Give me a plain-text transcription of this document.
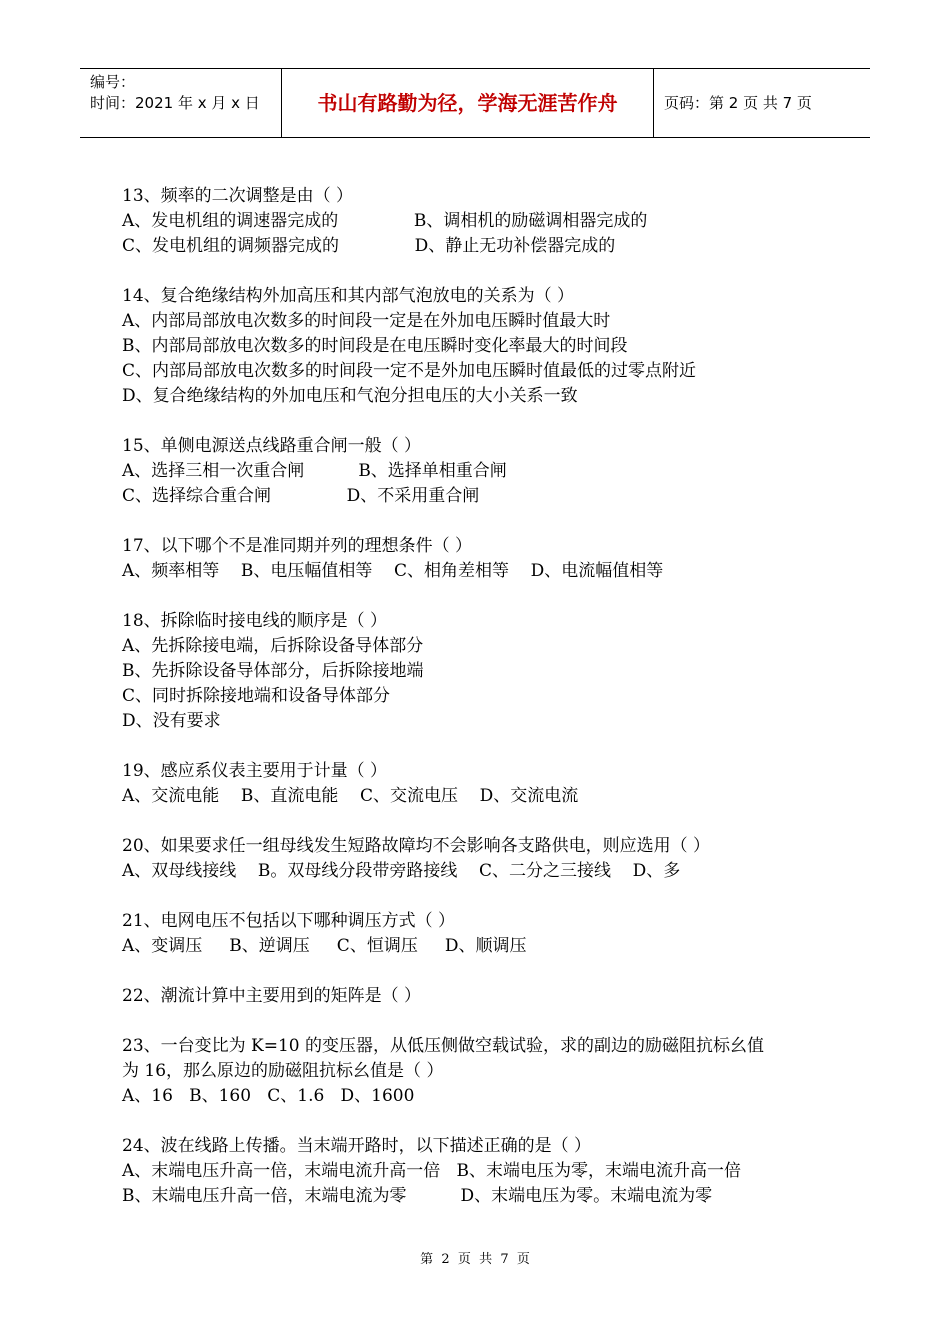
编号：
时间：2021 年 x 月 x 日	书山有路勤为径，学海无涯苦作舟	页码：第 2 页 共 7 页
13、频率的二次调整是由（ ）
A、发电机组的调速器完成的              B、调相机的励磁调相器完成的
C、发电机组的调频器完成的              D、静止无功补偿器完成的
14、复合绝缘结构外加高压和其内部气泡放电的关系为（ ）
A、内部局部放电次数多的时间段一定是在外加电压瞬时值最大时
B、内部局部放电次数多的时间段是在电压瞬时变化率最大的时间段
C、内部局部放电次数多的时间段一定不是外加电压瞬时值最低的过零点附近
D、复合绝缘结构的外加电压和气泡分担电压的大小关系一致
15、单侧电源送点线路重合闸一般（ ）
A、选择三相一次重合闸          B、选择单相重合闸
C、选择综合重合闸              D、不采用重合闸
17、以下哪个不是准同期并列的理想条件（ ）
A、频率相等    B、电压幅值相等    C、相角差相等    D、电流幅值相等
18、拆除临时接电线的顺序是（ ）
A、先拆除接电端，后拆除设备导体部分
B、先拆除设备导体部分，后拆除接地端
C、同时拆除接地端和设备导体部分
D、没有要求
19、感应系仪表主要用于计量（ ）
A、交流电能    B、直流电能    C、交流电压    D、交流电流
20、如果要求任一组母线发生短路故障均不会影响各支路供电，则应选用（ ）
A、双母线接线    B。双母线分段带旁路接线    C、二分之三接线    D、多
21、电网电压不包括以下哪种调压方式（ ）
A、变调压     B、逆调压     C、恒调压     D、顺调压
22、潮流计算中主要用到的矩阵是（ ）
23、一台变比为 K=10 的变压器，从低压侧做空载试验，求的副边的励磁阻抗标幺值
为 16，那么原边的励磁阻抗标幺值是（ ）
A、16   B、160   C、1.6   D、1600
24、波在线路上传播。当末端开路时，以下描述正确的是（ ）
A、末端电压升高一倍，末端电流升高一倍   B、末端电压为零，末端电流升高一倍
B、末端电压升高一倍，末端电流为零          D、末端电压为零。末端电流为零
第  2  页  共  7  页
